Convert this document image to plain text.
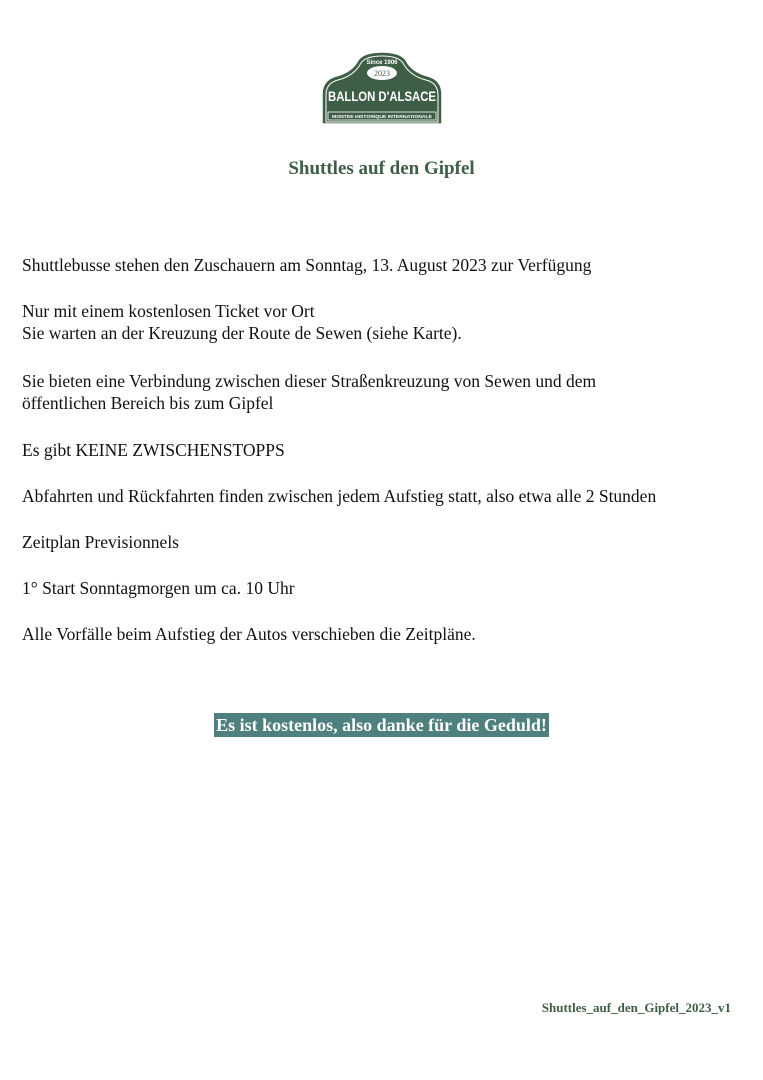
Since 1906
2023
BALLON D'ALSACE
MONTEE HISTORIQUE INTERNATIONALE
Shuttles auf den Gipfel

Shuttlebusse stehen den Zuschauern am Sonntag, 13. August 2023 zur Verfügung

Nur mit einem kostenlosen Ticket vor Ort
Sie warten an der Kreuzung der Route de Sewen (siehe Karte).

Sie bieten eine Verbindung zwischen dieser Straßenkreuzung von Sewen und dem
öffentlichen Bereich bis zum Gipfel

Es gibt KEINE ZWISCHENSTOPPS

Abfahrten und Rückfahrten finden zwischen jedem Aufstieg statt, also etwa alle 2 Stunden

Zeitplan Previsionnels

1° Start Sonntagmorgen um ca. 10 Uhr

Alle Vorfälle beim Aufstieg der Autos verschieben die Zeitpläne.

Es ist kostenlos, also danke für die Geduld!
Shuttles_auf_den_Gipfel_2023_v1
